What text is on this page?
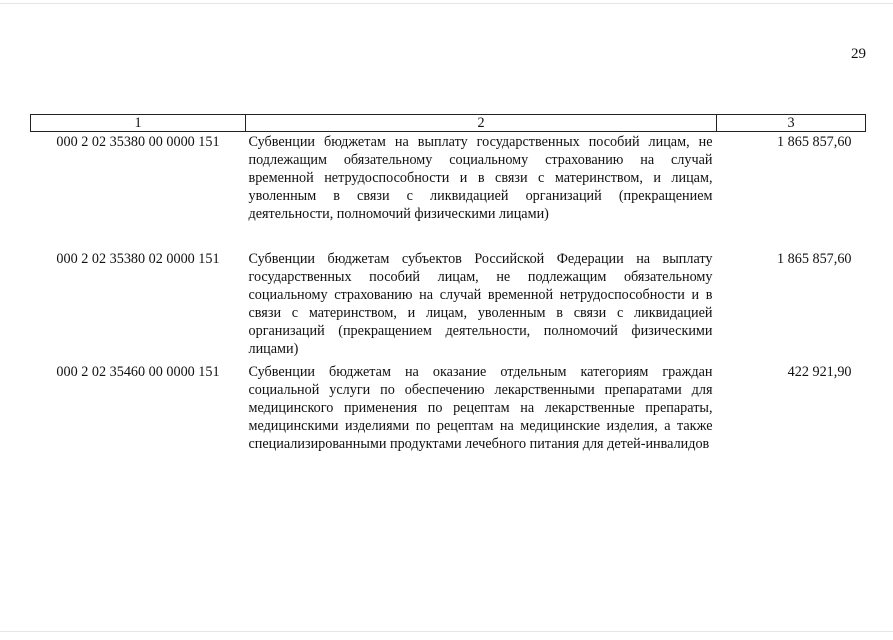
29
1	2	3
000 2 02 35380 00 0000 151	Субвенции бюджетам на выплату государственных пособий лицам, не подлежащим обязательному социальному страхованию на случай временной нетрудоспособности и в связи с материнством, и лицам, уволенным в связи с ликвидацией организаций (прекращением деятельности, полномочий физическими лицами)	1 865 857,60
000 2 02 35380 02 0000 151	Субвенции бюджетам субъектов Российской Федерации на выплату государственных пособий лицам, не подлежащим обязательному социальному страхованию на случай временной нетрудоспособности и в связи с материнством, и лицам, уволенным в связи с ликвидацией организаций (прекращением деятельности, полномочий физическими лицами)	1 865 857,60
000 2 02 35460 00 0000 151	Субвенции бюджетам на оказание отдельным категориям граждан социальной услуги по обеспечению лекарственными препаратами для медицинского применения по рецептам на лекарственные препараты, медицинскими изделиями по рецептам на медицинские изделия, а также специализированными продуктами лечебного питания для детей-инвалидов	422 921,90
